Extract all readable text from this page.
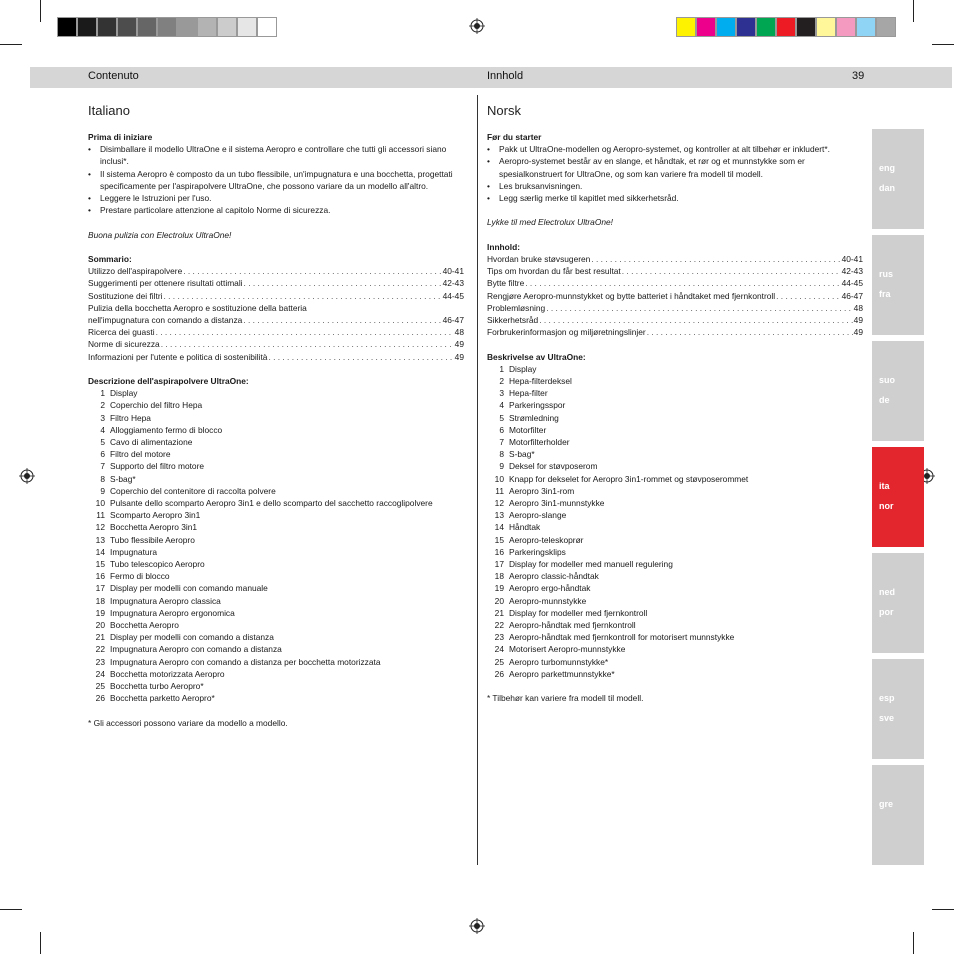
Contenuto	Innhold	39
Italiano	Norsk

Prima di iniziare

• Disimballare il modello UltraOne e il sistema Aeropro e controllare che tutti gli accessori siano inclusi*.

• Il sistema Aeropro è composto da un tubo flessibile, un'impugnatura e una bocchetta, progettati specificamente per l'aspirapolvere UltraOne, che possono variare da un modello all'altro.

• Leggere le Istruzioni per l'uso.

• Prestare particolare attenzione al capitolo Norme di sicurezza.

Buona pulizia con Electrolux UltraOne!

Sommario:

Utilizzo dell'aspirapolvere . . .	40-41
Suggerimenti per ottenere risultati ottimali . . .	42-43
Sostituzione dei filtri . . .	44-45
Pulizia della bocchetta Aeropro e sostituzione della batteria
nell'impugnatura con comando a distanza . . .	46-47
Ricerca dei guasti . . .	48
Norme di sicurezza . . .	49
Informazioni per l'utente e politica di sostenibilità . . .	49

Descrizione dell'aspirapolvere UltraOne:

1 Display
2 Coperchio del filtro Hepa
3 Filtro Hepa
4 Alloggiamento fermo di blocco
5 Cavo di alimentazione
6 Filtro del motore
7 Supporto del filtro motore
8 S-bag*
9 Coperchio del contenitore di raccolta polvere
10 Pulsante dello scomparto Aeropro 3in1 e dello scomparto del sacchetto raccoglipolvere
11 Scomparto Aeropro 3in1
12 Bocchetta Aeropro 3in1
13 Tubo flessibile Aeropro
14 Impugnatura
15 Tubo telescopico Aeropro
16 Fermo di blocco
17 Display per modelli con comando manuale
18 Impugnatura Aeropro classica
19 Impugnatura Aeropro ergonomica
20 Bocchetta Aeropro
21 Display per modelli con comando a distanza
22 Impugnatura Aeropro con comando a distanza
23 Impugnatura Aeropro con comando a distanza per bocchetta motorizzata
24 Bocchetta motorizzata Aeropro
25 Bocchetta turbo Aeropro*
26 Bocchetta parketto Aeropro*

* Gli accessori possono variare da modello a modello.

Før du starter

• Pakk ut UltraOne-modellen og Aeropro-systemet, og kontroller at alt tilbehør er inkludert*.

• Aeropro-systemet består av en slange, et håndtak, et rør og et munnstykke som er spesialkonstruert for UltraOne, og som kan variere fra modell til modell.

• Les bruksanvisningen.

• Legg særlig merke til kapitlet med sikkerhetsråd.

Lykke til med Electrolux UltraOne!

Innhold:

Hvordan bruke støvsugeren . . .	40-41
Tips om hvordan du får best resultat . . .	42-43
Bytte filtre . . .	44-45
Rengjøre Aeropro-munnstykket og bytte batteriet i håndtaket med fjernkontroll . . .	46-47
Problemløsning . . .	48
Sikkerhetsråd . . .	49
Forbrukerinformasjon og miljøretningslinjer . . .	49

Beskrivelse av UltraOne:

1 Display
2 Hepa-filterdeksel
3 Hepa-filter
4 Parkeringsspor
5 Strømledning
6 Motorfilter
7 Motorfilterholder
8 S-bag*
9 Deksel for støvposerom
10 Knapp for dekselet for Aeropro 3in1-rommet og støvposerommet
11 Aeropro 3in1-rom
12 Aeropro 3in1-munnstykke
13 Aeropro-slange
14 Håndtak
15 Aeropro-teleskoprør
16 Parkeringsklips
17 Display for modeller med manuell regulering
18 Aeropro classic-håndtak
19 Aeropro ergo-håndtak
20 Aeropro-munnstykke
21 Display for modeller med fjernkontroll
22 Aeropro-håndtak med fjernkontroll
23 Aeropro-håndtak med fjernkontroll for motorisert munnstykke
24 Motorisert Aeropro-munnstykke
25 Aeropro turbomunnstykke*
26 Aeropro parkettmunnstykke*

* Tilbehør kan variere fra modell til modell.

eng
dan
rus
fra
suo
de
ita
nor
ned
por
esp
sve
gre
